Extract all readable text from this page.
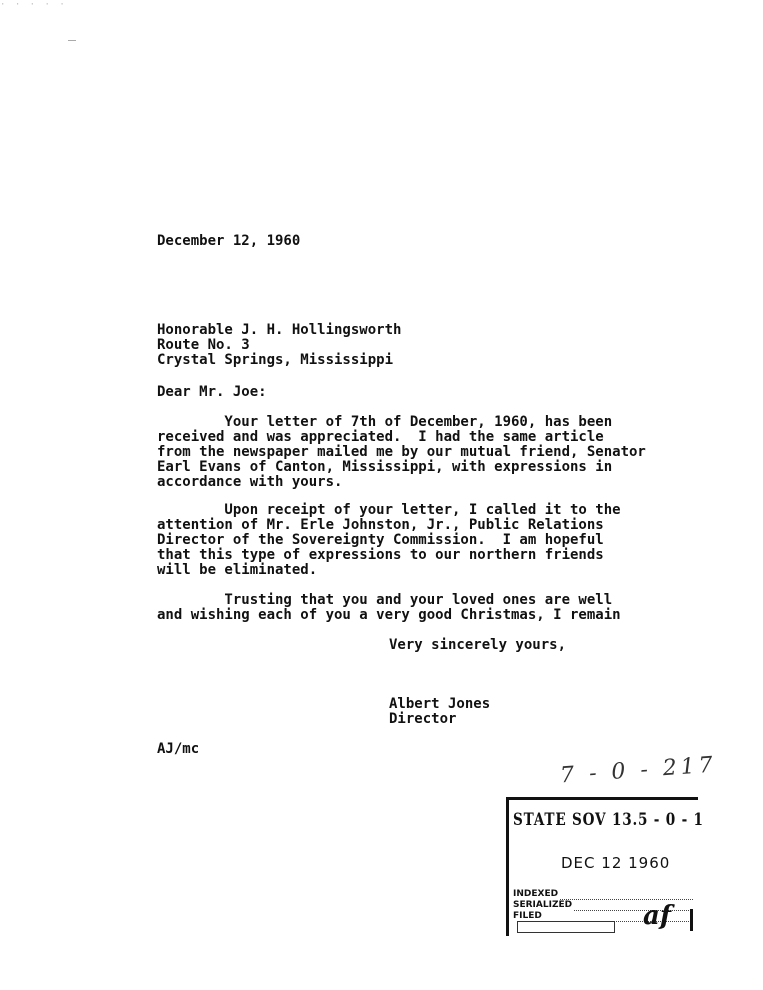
· · · · ·
December 12, 1960
Honorable J. H. Hollingsworth
Route No. 3
Crystal Springs, Mississippi
Dear Mr. Joe:
Your letter of 7th of December, 1960, has been
received and was appreciated.  I had the same article
from the newspaper mailed me by our mutual friend, Senator
Earl Evans of Canton, Mississippi, with expressions in
accordance with yours.
Upon receipt of your letter, I called it to the
attention of Mr. Erle Johnston, Jr., Public Relations
Director of the Sovereignty Commission.  I am hopeful
that this type of expressions to our northern friends
will be eliminated.
Trusting that you and your loved ones are well
and wishing each of you a very good Christmas, I remain
Very sincerely yours,
Albert Jones
Director
AJ/mc
7 - 0 - 217
STATE SOV 13.5 - 0 - 1
DEC 12 1960
INDEXED
SERIALIZED
FILED	af
